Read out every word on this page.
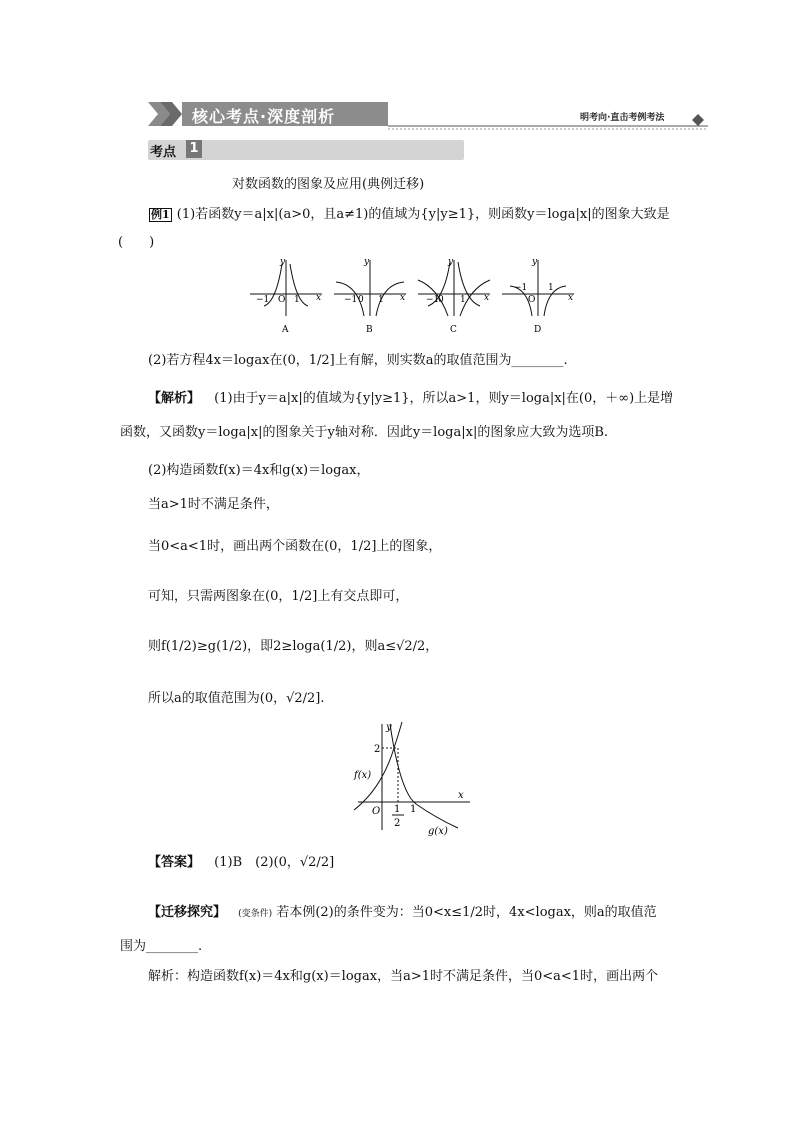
核心考点·深度剖析	明考向·直击考例考法
考点 1
对数函数的图象及应用(典例迁移)
例1 (1)若函数y＝a|x|(a>0，且a≠1)的值域为{y|y≥1}，则函数y＝loga|x|的图象大致是
(　　)
y
x
−1 O 1
y
x
−1 0 1
y
x
−1
0 1
y
x
−1 1
O
A	B	C	D
(2)若方程4x＝logax在(0，1/2]上有解，则实数a的取值范围为________.
【解析】 (1)由于y＝a|x|的值域为{y|y≥1}，所以a>1，则y＝loga|x|在(0，＋∞)上是增
函数，又函数y＝loga|x|的图象关于y轴对称．因此y＝loga|x|的图象应大致为选项B.
(2)构造函数f(x)＝4x和g(x)＝logax，
当a>1时不满足条件，
当0<a<1时，画出两个函数在(0，1/2]上的图象，
可知，只需两图象在(0，1/2]上有交点即可，
则f(1/2)≥g(1/2)，即2≥loga(1/2)，则a≤√2/2，
所以a的取值范围为(0，√2/2].
y
x
O
2
1
2
1
f(x)
g(x)
【答案】 (1)B　(2)(0，√2/2]
【迁移探究】 (变条件) 若本例(2)的条件变为：当0<x≤1/2时，4x<logax，则a的取值范
围为________.
解析：构造函数f(x)＝4x和g(x)＝logax，当a>1时不满足条件，当0<a<1时，画出两个
